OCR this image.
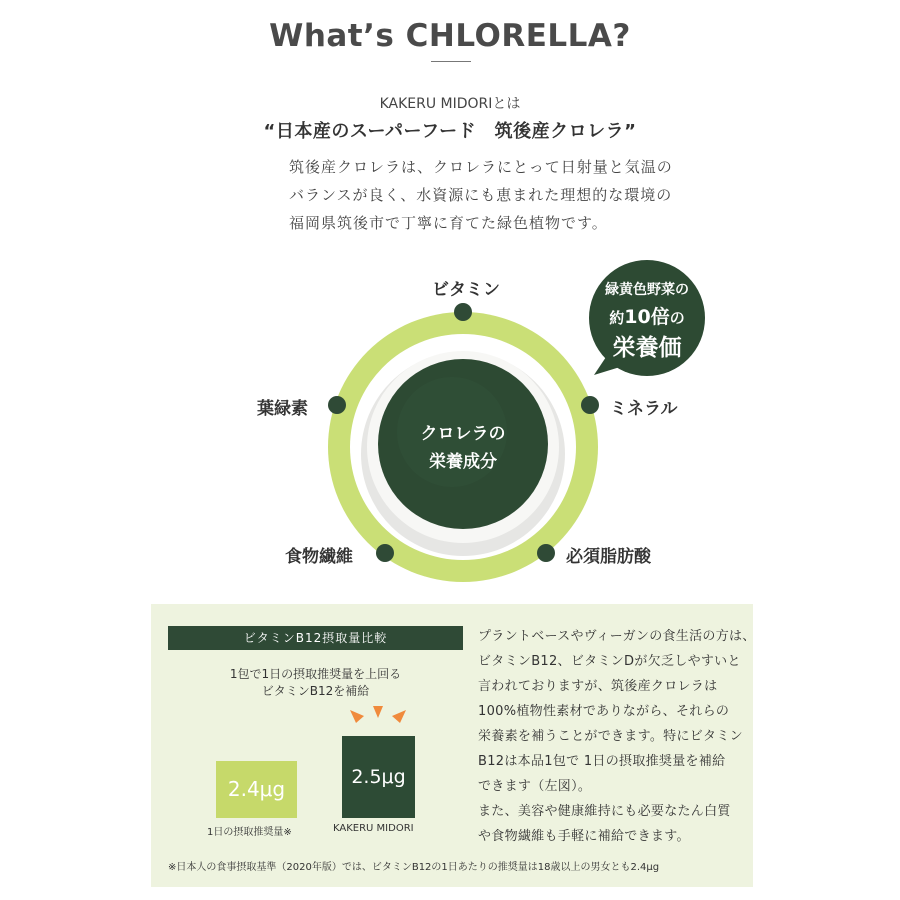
What’s CHLORELLA?
KAKERU MIDORIとは
“日本産のスーパーフード　筑後産クロレラ”
筑後産クロレラは、クロレラにとって日射量と気温の
バランスが良く、水資源にも恵まれた理想的な環境の
福岡県筑後市で丁寧に育てた緑色植物です。
クロレラの
栄養成分
緑黄色野菜の
約10倍の
栄養価
ビタミン
葉緑素	ミネラル
食物繊維	必須脂肪酸
ビタミンB12摂取量比較
1包で1日の摂取推奨量を上回る
ビタミンB12を補給
2.4μg	2.5μg
1日の摂取推奨量※	KAKERU MIDORI
プラントベースやヴィーガンの食生活の方は、
ビタミンB12、ビタミンDが欠乏しやすいと
言われておりますが、筑後産クロレラは
100%植物性素材でありながら、それらの
栄養素を補うことができます。特にビタミン
B12は本品1包で 1日の摂取推奨量を補給
できます（左図）。
また、美容や健康維持にも必要なたん白質
や食物繊維も手軽に補給できます。
※日本人の食事摂取基準（2020年版）では、ビタミンB12の1日あたりの推奨量は18歳以上の男女とも2.4μg
